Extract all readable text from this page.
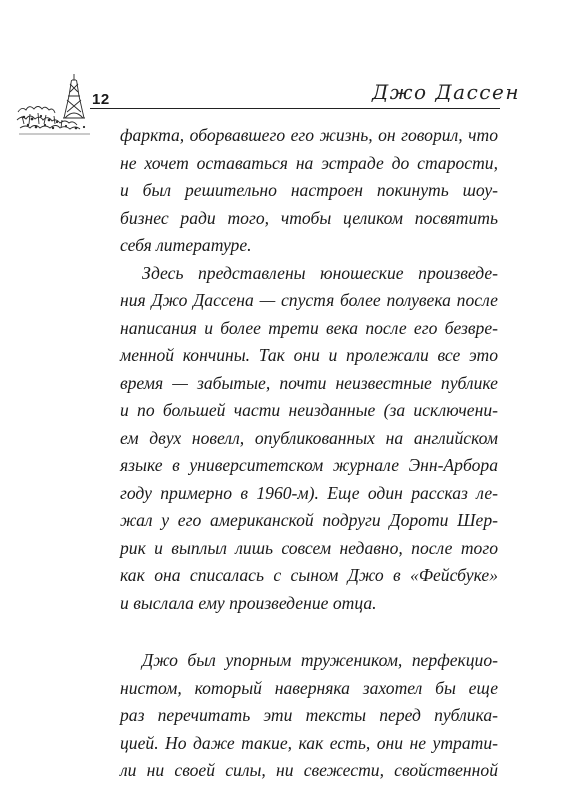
12	Джо Дассен

фаркта, оборвавшего его жизнь, он говорил, что
не хочет оставаться на эстраде до старости,
и был решительно настроен покинуть шоу-
бизнес ради того, чтобы целиком посвятить
себя литературе.

Здесь представлены юношеские произведе-
ния Джо Дассена — спустя более полувека после
написания и более трети века после его безвре-
менной кончины. Так они и пролежали все это
время — забытые, почти неизвестные публике
и по большей части неизданные (за исключени-
ем двух новелл, опубликованных на английском
языке в университетском журнале Энн-Арбора
году примерно в 1960-м). Еще один рассказ ле-
жал у его американской подруги Дороти Шер-
рик и выплыл лишь совсем недавно, после того
как она списалась с сыном Джо в «Фейсбуке»
и выслала ему произведение отца.

Джо был упорным тружеником, перфекцио-
нистом, который наверняка захотел бы еще
раз перечитать эти тексты перед публика-
цией. Но даже такие, как есть, они не утрати-
ли ни своей силы, ни свежести, свойственной
